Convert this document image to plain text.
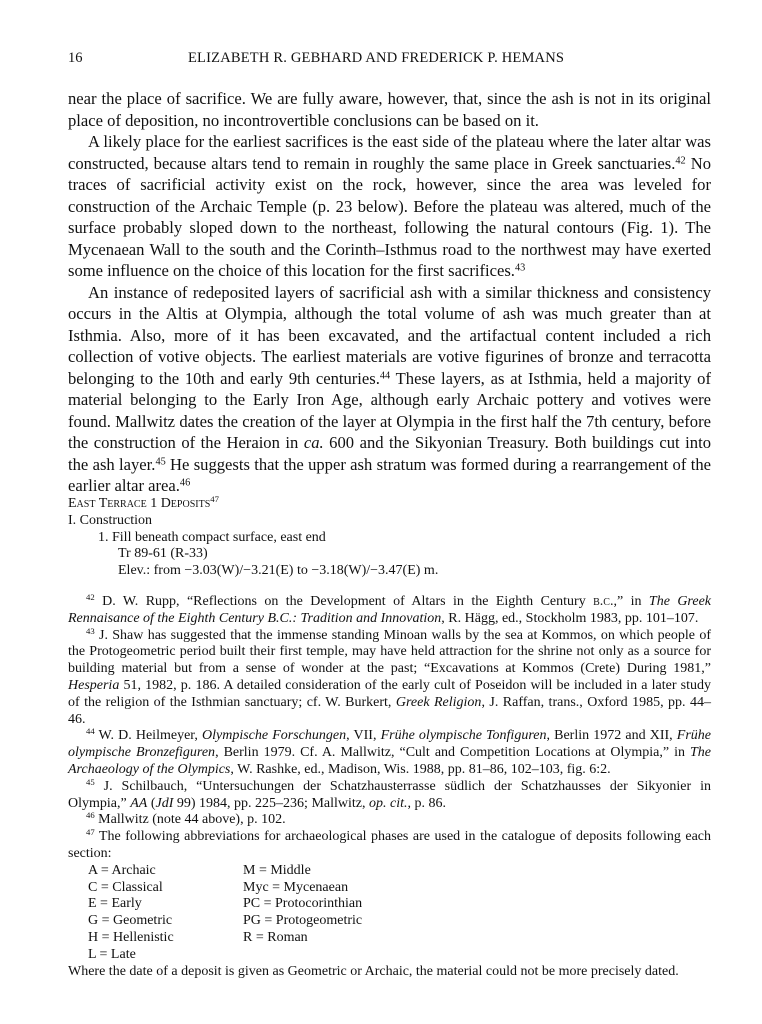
16	ELIZABETH R. GEBHARD AND FREDERICK P. HEMANS

near the place of sacrifice. We are fully aware, however, that, since the ash is not in its original place of deposition, no incontrovertible conclusions can be based on it.

A likely place for the earliest sacrifices is the east side of the plateau where the later altar was constructed, because altars tend to remain in roughly the same place in Greek sanctuaries.$^{42}$ No traces of sacrificial activity exist on the rock, however, since the area was leveled for construction of the Archaic Temple (p. 23 below). Before the plateau was altered, much of the surface probably sloped down to the northeast, following the natural contours (Fig. 1). The Mycenaean Wall to the south and the Corinth–Isthmus road to the northwest may have exerted some influence on the choice of this location for the first sacrifices.$^{43}$

An instance of redeposited layers of sacrificial ash with a similar thickness and consistency occurs in the Altis at Olympia, although the total volume of ash was much greater than at Isthmia. Also, more of it has been excavated, and the artifactual content included a rich collection of votive objects. The earliest materials are votive figurines of bronze and terracotta belonging to the 10th and early 9th centuries.$^{44}$ These layers, as at Isthmia, held a majority of material belonging to the Early Iron Age, although early Archaic pottery and votives were found. Mallwitz dates the creation of the layer at Olympia in the first half the 7th century, before the construction of the Heraion in ca. 600 and the Sikyonian Treasury. Both buildings cut into the ash layer.$^{45}$ He suggests that the upper ash stratum was formed during a rearrangement of the earlier altar area.$^{46}$

East Terrace 1 Deposits$^{47}$
I. Construction
1. Fill beneath compact surface, east end
Tr 89-61 (R-33)
Elev.: from −3.03(W)/−3.21(E) to −3.18(W)/−3.47(E) m.

$^{42}$ D. W. Rupp, “Reflections on the Development of Altars in the Eighth Century b.c.,” in The Greek Rennaisance of the Eighth Century B.C.: Tradition and Innovation, R. Hägg, ed., Stockholm 1983, pp. 101–107.

$^{43}$ J. Shaw has suggested that the immense standing Minoan walls by the sea at Kommos, on which people of the Protogeometric period built their first temple, may have held attraction for the shrine not only as a source for building material but from a sense of wonder at the past; “Excavations at Kommos (Crete) During 1981,” Hesperia 51, 1982, p. 186. A detailed consideration of the early cult of Poseidon will be included in a later study of the religion of the Isthmian sanctuary; cf. W. Burkert, Greek Religion, J. Raffan, trans., Oxford 1985, pp. 44–46.

$^{44}$ W. D. Heilmeyer, Olympische Forschungen, VII, Frühe olympische Tonfiguren, Berlin 1972 and XII, Frühe olympische Bronzefiguren, Berlin 1979. Cf. A. Mallwitz, “Cult and Competition Locations at Olympia,” in The Archaeology of the Olympics, W. Rashke, ed., Madison, Wis. 1988, pp. 81–86, 102–103, fig. 6:2.

$^{45}$ J. Schilbauch, “Untersuchungen der Schatzhausterrasse südlich der Schatzhausses der Sikyonier in Olympia,” AA (JdI 99) 1984, pp. 225–236; Mallwitz, op. cit., p. 86.

$^{46}$ Mallwitz (note 44 above), p. 102.

$^{47}$ The following abbreviations for archaeological phases are used in the catalogue of deposits following each section:

A = Archaic	M = Middle
C = Classical	Myc = Mycenaean
E = Early	PC = Protocorinthian
G = Geometric	PG = Protogeometric
H = Hellenistic	R = Roman
L = Late

Where the date of a deposit is given as Geometric or Archaic, the material could not be more precisely dated.
